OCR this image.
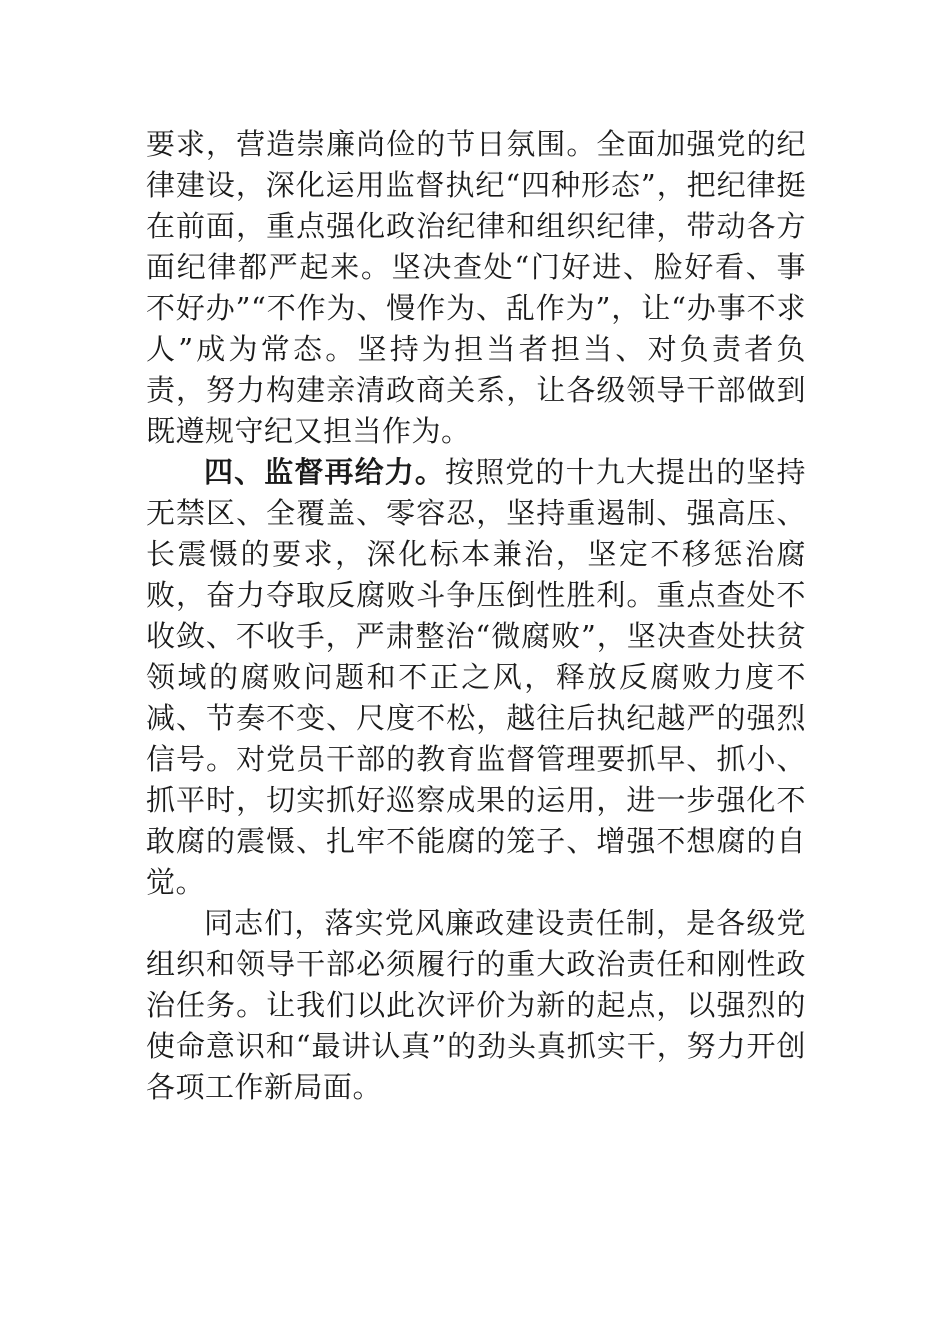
要求，营造崇廉尚俭的节日氛围。全面加强党的纪律建设，深化运用监督执纪“四种形态”，把纪律挺在前面，重点强化政治纪律和组织纪律，带动各方面纪律都严起来。坚决查处“门好进、脸好看、事不好办”“不作为、慢作为、乱作为”，让“办事不求人”成为常态。坚持为担当者担当、对负责者负责，努力构建亲清政商关系，让各级领导干部做到既遵规守纪又担当作为。

四、监督再给力。按照党的十九大提出的坚持无禁区、全覆盖、零容忍，坚持重遏制、强高压、长震慑的要求，深化标本兼治，坚定不移惩治腐败，奋力夺取反腐败斗争压倒性胜利。重点查处不收敛、不收手，严肃整治“微腐败”，坚决查处扶贫领域的腐败问题和不正之风，释放反腐败力度不减、节奏不变、尺度不松，越往后执纪越严的强烈信号。对党员干部的教育监督管理要抓早、抓小、抓平时，切实抓好巡察成果的运用，进一步强化不敢腐的震慑、扎牢不能腐的笼子、增强不想腐的自觉。

同志们，落实党风廉政建设责任制，是各级党组织和领导干部必须履行的重大政治责任和刚性政治任务。让我们以此次评价为新的起点，以强烈的使命意识和“最讲认真”的劲头真抓实干，努力开创各项工作新局面。
